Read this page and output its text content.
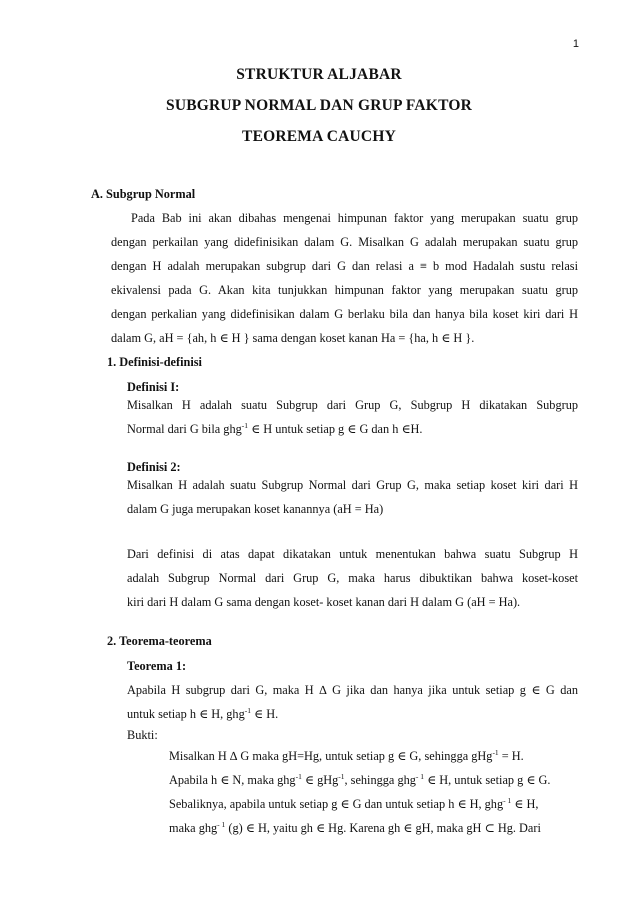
1
STRUKTUR ALJABAR
SUBGRUP NORMAL DAN GRUP FAKTOR
TEOREMA CAUCHY
A. Subgrup Normal
Pada Bab ini akan dibahas mengenai himpunan faktor yang merupakan suatu grup
dengan perkailan yang didefinisikan dalam G. Misalkan G adalah merupakan suatu grup
dengan H adalah merupakan subgrup dari G dan relasi a ≡ b mod Hadalah sustu relasi
ekivalensi pada G. Akan kita tunjukkan himpunan faktor yang merupakan suatu grup
dengan perkalian yang didefinisikan dalam G berlaku bila dan hanya bila koset kiri dari H
dalam G, aH = {ah, h ∈ H } sama dengan koset kanan Ha = {ha, h ∈ H }.
1. Definisi-definisi
Definisi I:
Misalkan H adalah suatu Subgrup dari Grup G, Subgrup H dikatakan Subgrup
Normal dari G bila ghg$^{-1}$ ∈ H untuk setiap g ∈ G dan h ∈H.
Definisi 2:
Misalkan H adalah suatu Subgrup Normal dari Grup G, maka setiap koset kiri dari H
dalam G juga merupakan koset kanannya (aH = Ha)
Dari definisi di atas dapat dikatakan untuk menentukan bahwa suatu Subgrup H
adalah Subgrup Normal dari Grup G, maka harus dibuktikan bahwa koset-koset
kiri dari H dalam G sama dengan koset- koset kanan dari H dalam G (aH = Ha).
2. Teorema-teorema
Teorema 1:
Apabila H subgrup dari G, maka H ∆ G jika dan hanya jika untuk setiap g ∈ G dan
untuk setiap h ∈ H, ghg$^{-1}$ ∈ H.
Bukti:
Misalkan H ∆ G maka gH=Hg, untuk setiap g ∈ G, sehingga gHg$^{-1}$ = H.
Apabila h ∈ N, maka ghg$^{-1}$ ∈ gHg$^{-1}$, sehingga ghg$^{- 1}$ ∈ H, untuk setiap g ∈ G.
Sebaliknya, apabila untuk setiap g ∈ G dan untuk setiap h ∈ H, ghg$^{- 1}$ ∈ H,
maka ghg$^{- 1}$ (g) ∈ H, yaitu gh ∈ Hg. Karena gh ∈ gH, maka gH ⊂ Hg. Dari
